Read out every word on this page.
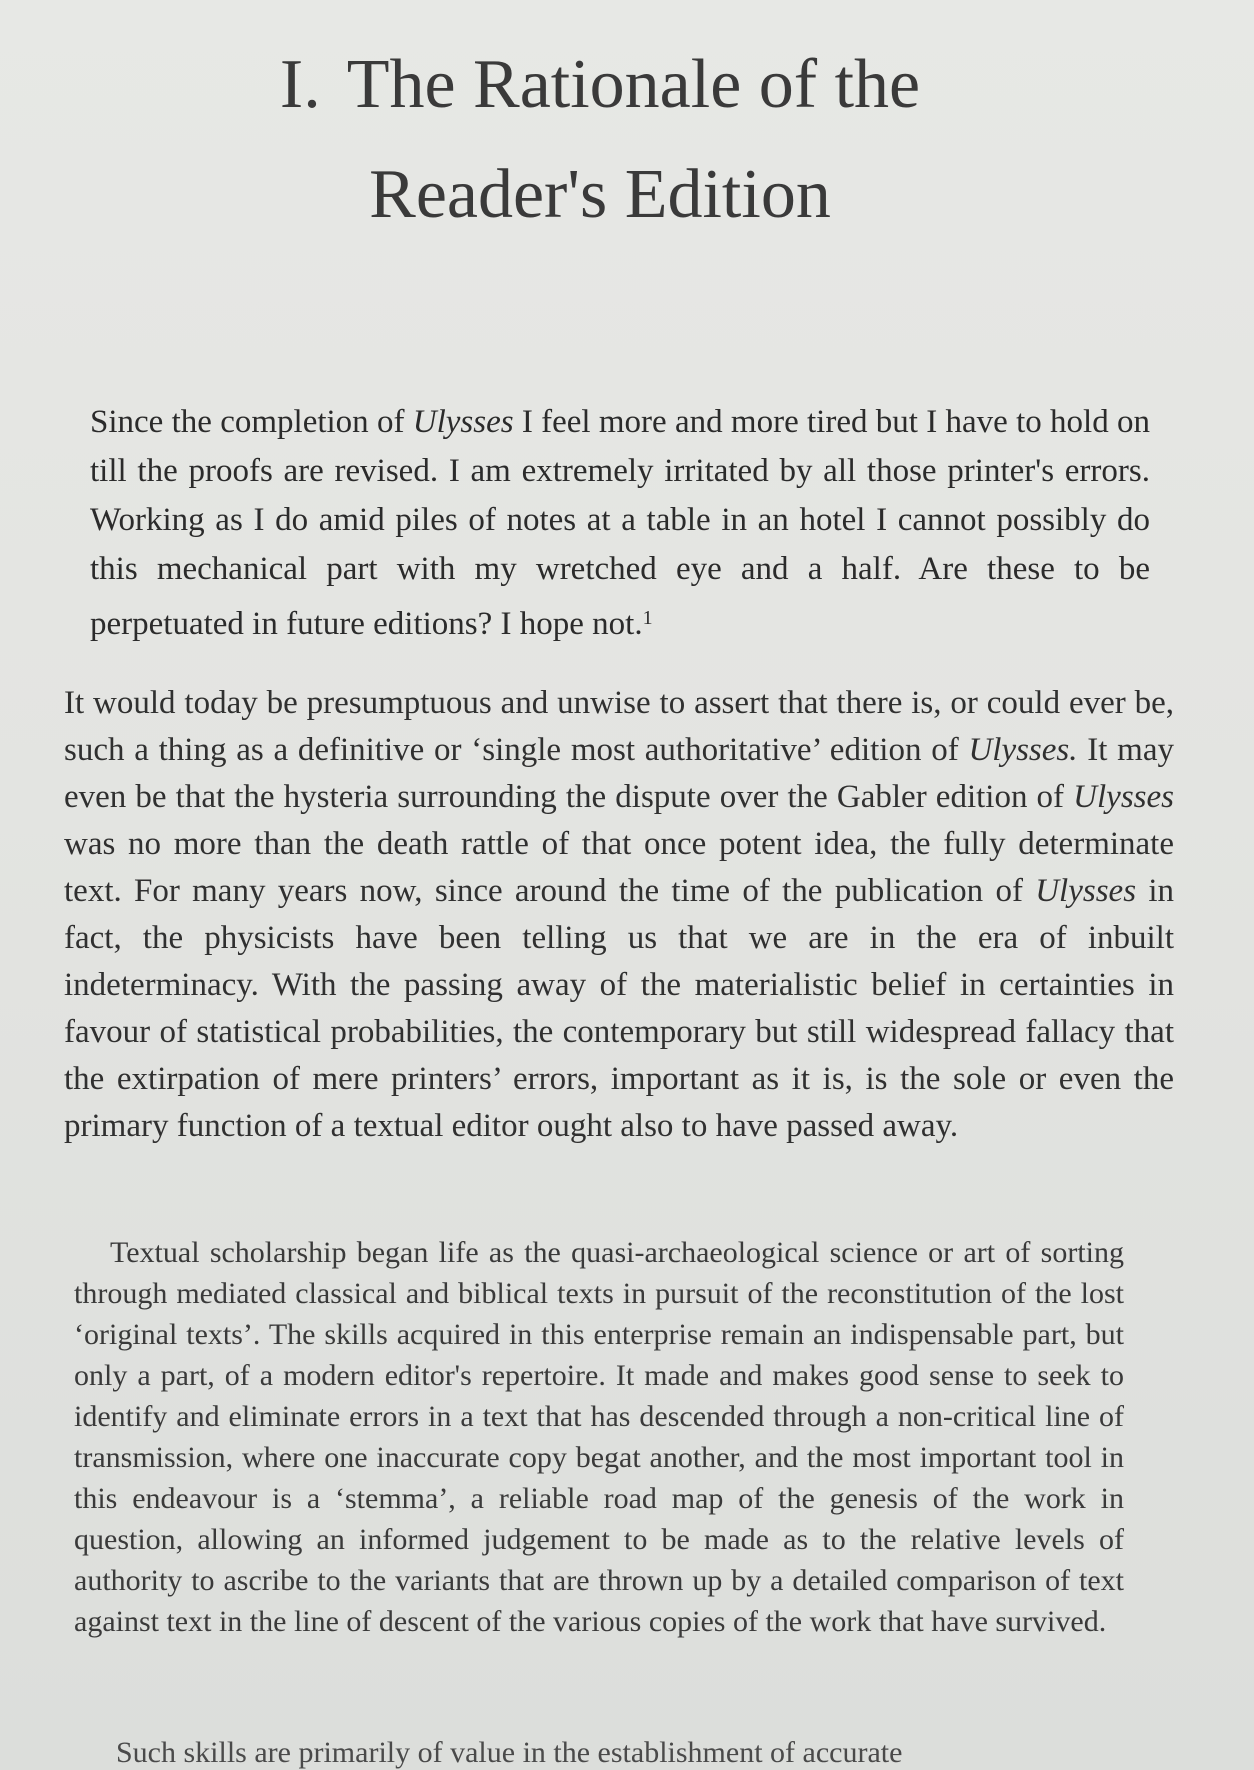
I. The Rationale of the
Reader's Edition

Since the completion of Ulysses I feel more and more tired but I have to hold on till the proofs are revised. I am extremely irritated by all those printer's errors. Working as I do amid piles of notes at a table in an hotel I cannot possibly do this mechanical part with my wretched eye and a half. Are these to be perpetuated in future editions? I hope not.$^1$

It would today be presumptuous and unwise to assert that there is, or could ever be, such a thing as a definitive or ‘single most authoritative’ edition of Ulysses. It may even be that the hysteria surrounding the dispute over the Gabler edition of Ulysses was no more than the death rattle of that once potent idea, the fully determinate text. For many years now, since around the time of the publication of Ulysses in fact, the physicists have been telling us that we are in the era of inbuilt indeterminacy. With the passing away of the materialistic belief in certainties in favour of statistical probabilities, the contemporary but still widespread fallacy that the extirpation of mere printers’ errors, important as it is, is the sole or even the primary function of a textual editor ought also to have passed away.

Textual scholarship began life as the quasi-archaeological science or art of sorting through mediated classical and biblical texts in pursuit of the reconstitution of the lost ‘original texts’. The skills acquired in this enterprise remain an indispensable part, but only a part, of a modern editor's repertoire. It made and makes good sense to seek to identify and eliminate errors in a text that has descended through a non-critical line of transmission, where one inaccurate copy begat another, and the most important tool in this endeavour is a ‘stemma’, a reliable road map of the genesis of the work in question, allowing an informed judgement to be made as to the relative levels of authority to ascribe to the variants that are thrown up by a detailed comparison of text against text in the line of descent of the various copies of the work that have survived.

Such skills are primarily of value in the establishment of accurate
